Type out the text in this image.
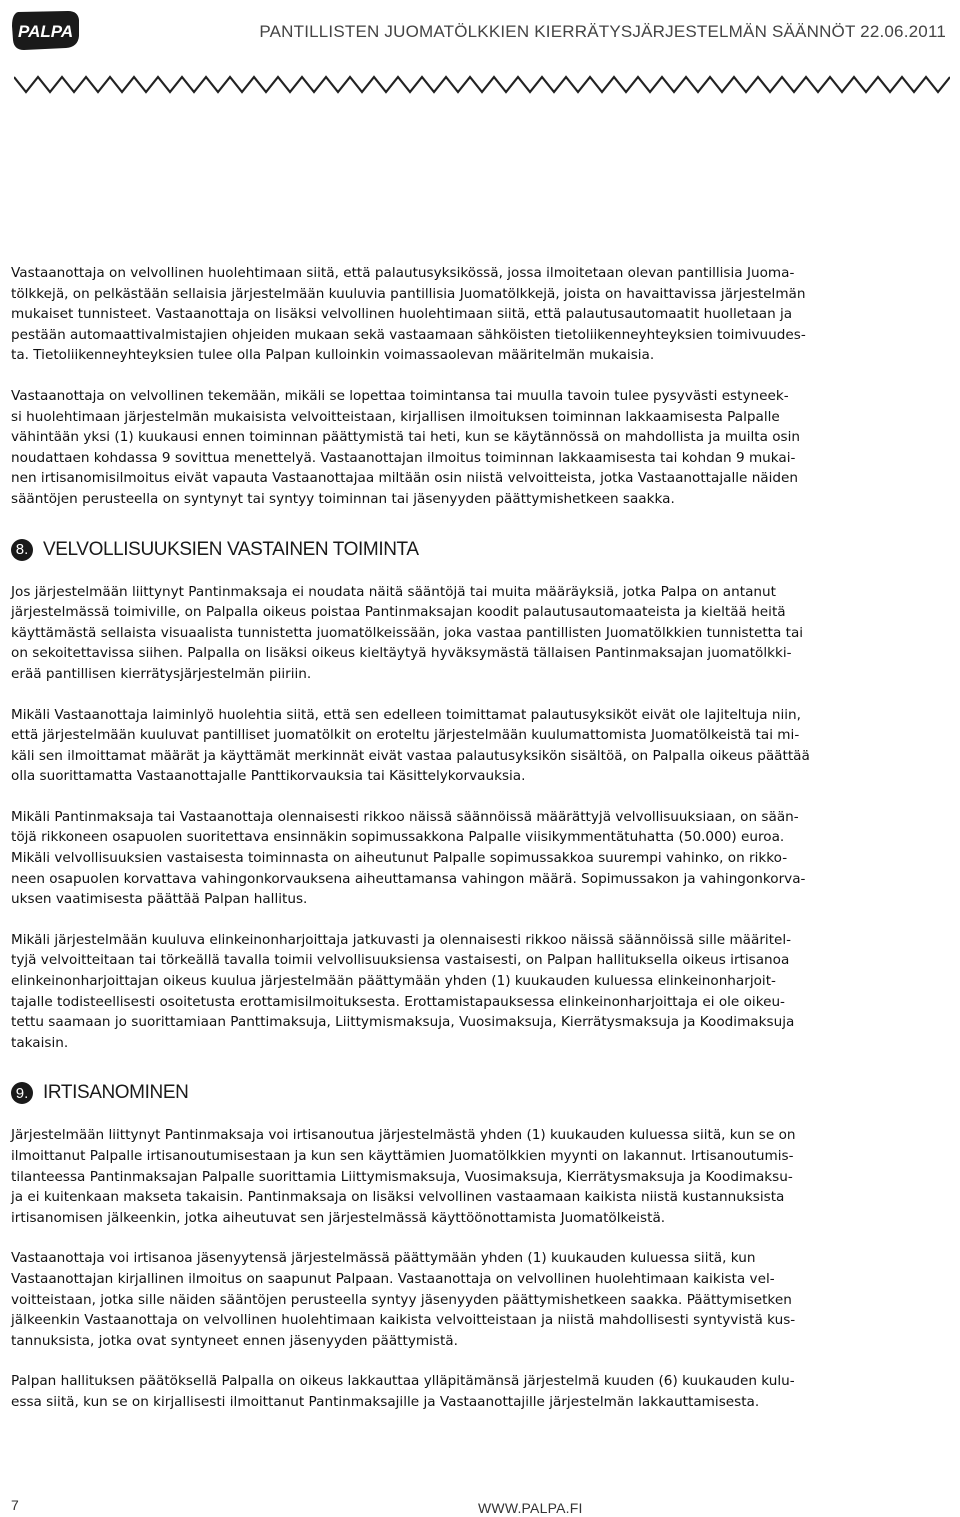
PALPA	PANTILLISTEN JUOMATÖLKKIEN KIERRÄTYSJÄRJESTELMÄN SÄÄNNÖT 22.06.2011

Vastaanottaja on velvollinen huolehtimaan siitä, että palautusyksikössä, jossa ilmoitetaan olevan pantillisia Juoma-
tölkkejä, on pelkästään sellaisia järjestelmään kuuluvia pantillisia Juomatölkkejä, joista on havaittavissa järjestelmän
mukaiset tunnisteet. Vastaanottaja on lisäksi velvollinen huolehtimaan siitä, että palautusautomaatit huolletaan ja
pestään automaattivalmistajien ohjeiden mukaan sekä vastaamaan sähköisten tietoliikenneyhteyksien toimivuudes-
ta. Tietoliikenneyhteyksien tulee olla Palpan kulloinkin voimassaolevan määritelmän mukaisia.

Vastaanottaja on velvollinen tekemään, mikäli se lopettaa toimintansa tai muulla tavoin tulee pysyvästi estyneek-
si huolehtimaan järjestelmän mukaisista velvoitteistaan, kirjallisen ilmoituksen toiminnan lakkaamisesta Palpalle
vähintään yksi (1) kuukausi ennen toiminnan päättymistä tai heti, kun se käytännössä on mahdollista ja muilta osin
noudattaen kohdassa 9 sovittua menettelyä. Vastaanottajan ilmoitus toiminnan lakkaamisesta tai kohdan 9 mukai-
nen irtisanomisilmoitus eivät vapauta Vastaanottajaa miltään osin niistä velvoitteista, jotka Vastaanottajalle näiden
sääntöjen perusteella on syntynyt tai syntyy toiminnan tai jäsenyyden päättymishetkeen saakka.

8. VELVOLLISUUKSIEN VASTAINEN TOIMINTA

Jos järjestelmään liittynyt Pantinmaksaja ei noudata näitä sääntöjä tai muita määräyksiä, jotka Palpa on antanut
järjestelmässä toimiville, on Palpalla oikeus poistaa Pantinmaksajan koodit palautusautomaateista ja kieltää heitä
käyttämästä sellaista visuaalista tunnistetta juomatölkeissään, joka vastaa pantillisten Juomatölkkien tunnistetta tai
on sekoitettavissa siihen. Palpalla on lisäksi oikeus kieltäytyä hyväksymästä tällaisen Pantinmaksajan juomatölkki-
erää pantillisen kierrätysjärjestelmän piiriin.

Mikäli Vastaanottaja laiminlyö huolehtia siitä, että sen edelleen toimittamat palautusyksiköt eivät ole lajiteltuja niin,
että järjestelmään kuuluvat pantilliset juomatölkit on eroteltu järjestelmään kuulumattomista Juomatölkeistä tai mi-
käli sen ilmoittamat määrät ja käyttämät merkinnät eivät vastaa palautusyksikön sisältöä, on Palpalla oikeus päättää
olla suorittamatta Vastaanottajalle Panttikorvauksia tai Käsittelykorvauksia.

Mikäli Pantinmaksaja tai Vastaanottaja olennaisesti rikkoo näissä säännöissä määrättyjä velvollisuuksiaan, on sään-
töjä rikkoneen osapuolen suoritettava ensinnäkin sopimussakkona Palpalle viisikymmentätuhatta (50.000) euroa.
Mikäli velvollisuuksien vastaisesta toiminnasta on aiheutunut Palpalle sopimussakkoa suurempi vahinko, on rikko-
neen osapuolen korvattava vahingonkorvauksena aiheuttamansa vahingon määrä. Sopimussakon ja vahingonkorva-
uksen vaatimisesta päättää Palpan hallitus.

Mikäli järjestelmään kuuluva elinkeinonharjoittaja jatkuvasti ja olennaisesti rikkoo näissä säännöissä sille määritel-
tyjä velvoitteitaan tai törkeällä tavalla toimii velvollisuuksiensa vastaisesti, on Palpan hallituksella oikeus irtisanoa
elinkeinonharjoittajan oikeus kuulua järjestelmään päättymään yhden (1) kuukauden kuluessa elinkeinonharjoit-
tajalle todisteellisesti osoitetusta erottamisilmoituksesta. Erottamistapauksessa elinkeinonharjoittaja ei ole oikeu-
tettu saamaan jo suorittamiaan Panttimaksuja, Liittymismaksuja, Vuosimaksuja, Kierrätysmaksuja ja Koodimaksuja
takaisin.

9. IRTISANOMINEN

Järjestelmään liittynyt Pantinmaksaja voi irtisanoutua järjestelmästä yhden (1) kuukauden kuluessa siitä, kun se on
ilmoittanut Palpalle irtisanoutumisestaan ja kun sen käyttämien Juomatölkkien myynti on lakannut. Irtisanoutumis-
tilanteessa Pantinmaksajan Palpalle suorittamia Liittymismaksuja, Vuosimaksuja, Kierrätysmaksuja ja Koodimaksu-
ja ei kuitenkaan makseta takaisin. Pantinmaksaja on lisäksi velvollinen vastaamaan kaikista niistä kustannuksista
irtisanomisen jälkeenkin, jotka aiheutuvat sen järjestelmässä käyttöönottamista Juomatölkeistä.

Vastaanottaja voi irtisanoa jäsenyytensä järjestelmässä päättymään yhden (1) kuukauden kuluessa siitä, kun
Vastaanottajan kirjallinen ilmoitus on saapunut Palpaan. Vastaanottaja on velvollinen huolehtimaan kaikista vel-
voitteistaan, jotka sille näiden sääntöjen perusteella syntyy jäsenyyden päättymishetkeen saakka. Päättymisetken
jälkeenkin Vastaanottaja on velvollinen huolehtimaan kaikista velvoitteistaan ja niistä mahdollisesti syntyvistä kus-
tannuksista, jotka ovat syntyneet ennen jäsenyyden päättymistä.

Palpan hallituksen päätöksellä Palpalla on oikeus lakkauttaa ylläpitämänsä järjestelmä kuuden (6) kuukauden kulu-
essa siitä, kun se on kirjallisesti ilmoittanut Pantinmaksajille ja Vastaanottajille järjestelmän lakkauttamisesta.

7	WWW.PALPA.FI
